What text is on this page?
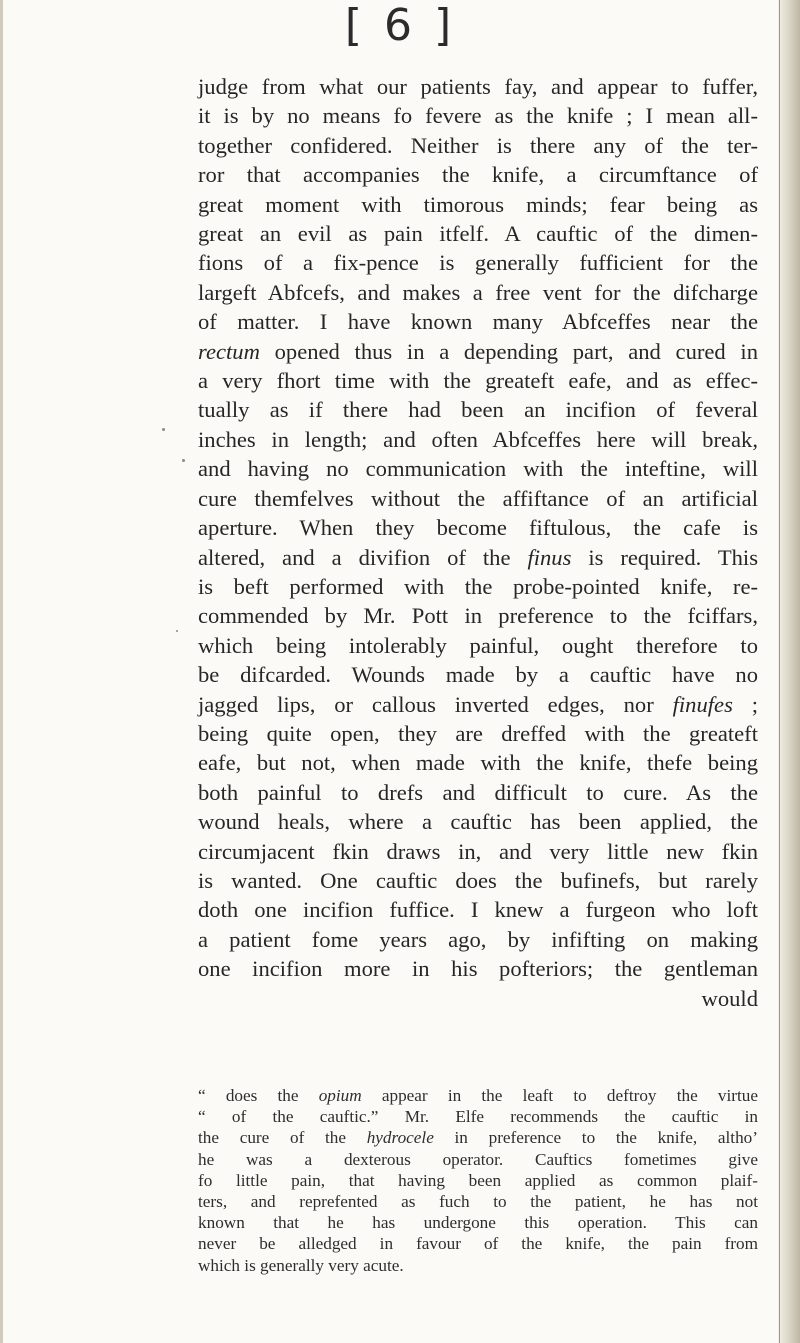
[ 6 ]
judge from what our patients fay, and appear to fuffer,
it is by no means fo fevere as the knife ; I mean all-
together confidered. Neither is there any of the ter-
ror that accompanies the knife, a circumftance of
great moment with timorous minds; fear being as
great an evil as pain itfelf. A cauftic of the dimen-
fions of a fix-pence is generally fufficient for the
largeft Abfcefs, and makes a free vent for the difcharge
of matter. I have known many Abfceffes near the
rectum opened thus in a depending part, and cured in
a very fhort time with the greateft eafe, and as effec-
tually as if there had been an incifion of feveral
inches in length; and often Abfceffes here will break,
and having no communication with the inteftine, will
cure themfelves without the affiftance of an artificial
aperture. When they become fiftulous, the cafe is
altered, and a divifion of the finus is required. This
is beft performed with the probe-pointed knife, re-
commended by Mr. Pott in preference to the fciffars,
which being intolerably painful, ought therefore to
be difcarded. Wounds made by a cauftic have no
jagged lips, or callous inverted edges, nor finufes ;
being quite open, they are dreffed with the greateft
eafe, but not, when made with the knife, thefe being
both painful to drefs and difficult to cure. As the
wound heals, where a cauftic has been applied, the
circumjacent fkin draws in, and very little new fkin
is wanted. One cauftic does the bufinefs, but rarely
doth one incifion fuffice. I knew a furgeon who loft
a patient fome years ago, by infifting on making
one incifion more in his pofteriors; the gentleman
would
“ does the opium appear in the leaft to deftroy the virtue
“ of the cauftic.” Mr. Elfe recommends the cauftic in
the cure of the hydrocele in preference to the knife, altho’
he was a dexterous operator. Cauftics fometimes give
fo little pain, that having been applied as common plaif-
ters, and reprefented as fuch to the patient, he has not
known that he has undergone this operation. This can
never be alledged in favour of the knife, the pain from
which is generally very acute.
